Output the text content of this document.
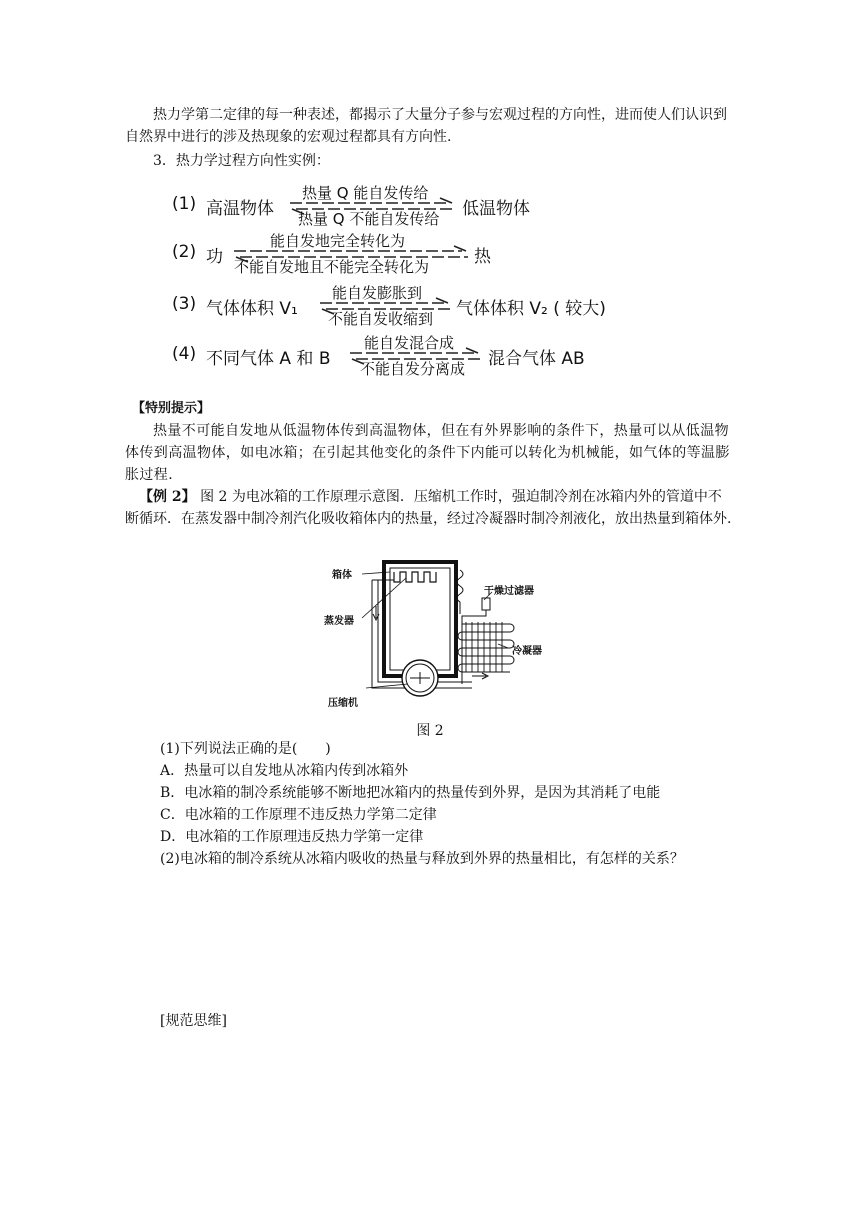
热力学第二定律的每一种表述，都揭示了大量分子参与宏观过程的方向性，进而使人们认识到自然界中进行的涉及热现象的宏观过程都具有方向性.
3．热力学过程方向性实例：
(1) 高温物体
热量 Q 能自发传给
热量 Q 不能自发传给 低温物体
(2) 功
能自发地完全转化为
不能自发地且不能完全转化为	热
(3) 气体体积 V₁
能自发膨胀到
不能自发收缩到 气体体积 V₂ ( 较大)
(4) 不同气体 A 和 B
能自发混合成
不能自发分离成 混合气体 AB
【特别提示】
热量不可能自发地从低温物体传到高温物体，但在有外界影响的条件下，热量可以从低温物体传到高温物体，如电冰箱；在引起其他变化的条件下内能可以转化为机械能，如气体的等温膨胀过程.
【例 2】 图 2 为电冰箱的工作原理示意图．压缩机工作时，强迫制冷剂在冰箱内外的管道中不断循环．在蒸发器中制冷剂汽化吸收箱体内的热量，经过冷凝器时制冷剂液化，放出热量到箱体外.
箱体
蒸发器
压缩机
干燥过滤器
冷凝器
图 2
(1)下列说法正确的是(　　)
A．热量可以自发地从冰箱内传到冰箱外
B．电冰箱的制冷系统能够不断地把冰箱内的热量传到外界，是因为其消耗了电能
C．电冰箱的工作原理不违反热力学第二定律
D．电冰箱的工作原理违反热力学第一定律
(2)电冰箱的制冷系统从冰箱内吸收的热量与释放到外界的热量相比，有怎样的关系？
[规范思维]
